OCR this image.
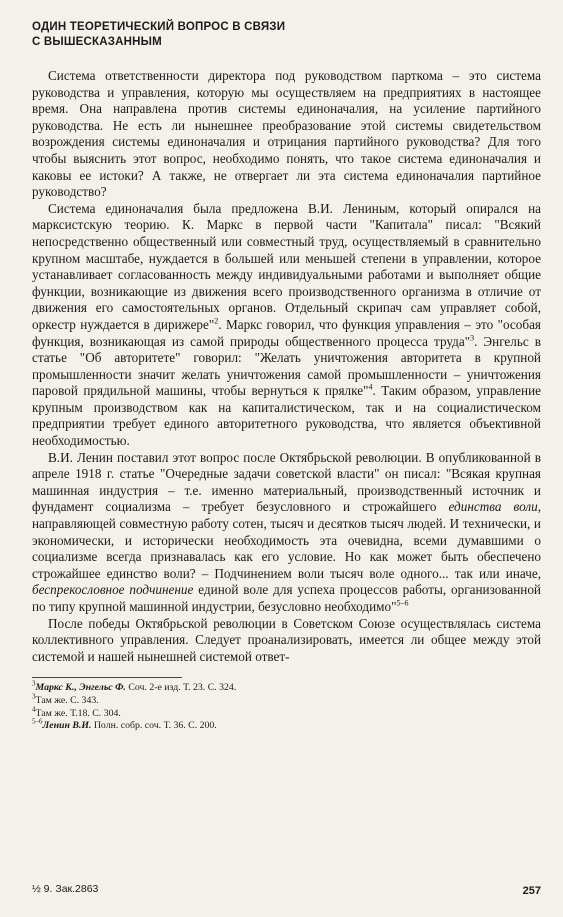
ОДИН ТЕОРЕТИЧЕСКИЙ ВОПРОС В СВЯЗИ
С ВЫШЕСКАЗАННЫМ

Система ответственности директора под руководством парткома – это система руководства и управления, которую мы осуществляем на предприятиях в настоящее время. Она направлена против системы единоначалия, на усиление партийного руководства. Не есть ли нынешнее преобразование этой системы свидетельством возрождения системы единоначалия и отрицания партийного руководства? Для того чтобы выяснить этот вопрос, необходимо понять, что такое система единоначалия и каковы ее истоки? А также, не отвергает ли эта система единоначалия партийное руководство?

Система единоначалия была предложена В.И. Лениным, который опирался на марксистскую теорию. К. Маркс в первой части "Капитала" писал: "Всякий непосредственно общественный или совместный труд, осуществляемый в сравнительно крупном масштабе, нуждается в большей или меньшей степени в управлении, которое устанавливает согласованность между индивидуальными работами и выполняет общие функции, возникающие из движения всего производственного организма в отличие от движения его самостоятельных органов. Отдельный скрипач сам управляет собой, оркестр нуждается в дирижере"$^2$. Маркс говорил, что функция управления – это "особая функция, возникающая из самой природы общественного процесса труда"$^3$. Энгельс в статье "Об авторитете" говорил: "Желать уничтожения авторитета в крупной промышленности значит желать уничтожения самой промышленности – уничтожения паровой прядильной машины, чтобы вернуться к прялке"$^4$. Таким образом, управление крупным производством как на капиталистическом, так и на социалистическом предприятии требует единого авторитетного руководства, что является объективной необходимостью.

В.И. Ленин поставил этот вопрос после Октябрьской революции. В опубликованной в апреле 1918 г. статье "Очередные задачи советской власти" он писал: "Всякая крупная машинная индустрия – т.е. именно материальный, производственный источник и фундамент социализма – требует безусловного и строжайшего единства воли, направляющей совместную работу сотен, тысяч и десятков тысяч людей. И технически, и экономически, и исторически необходимость эта очевидна, всеми думавшими о социализме всегда признавалась как его условие. Но как может быть обеспечено строжайшее единство воли? – Подчинением воли тысяч воле одного... так или иначе, беспрекословное подчинение единой воле для успеха процессов работы, организованной по типу крупной машинной индустрии, безусловно необходимо"$^{5-6}$

После победы Октябрьской революции в Советском Союзе осуществлялась система коллективного управления. Следует проанализировать, имеется ли общее между этой системой и нашей нынешней системой ответ-

$^3$Маркс К., Энгельс Ф. Соч. 2-е изд. Т. 23. С. 324.
$^3$Там же. С. 343.
$^4$Там же. Т.18. С. 304.
$^{5-6}$Ленин В.И. Полн. собр. соч. Т. 36. С. 200.
½ 9. Зак.2863	257
